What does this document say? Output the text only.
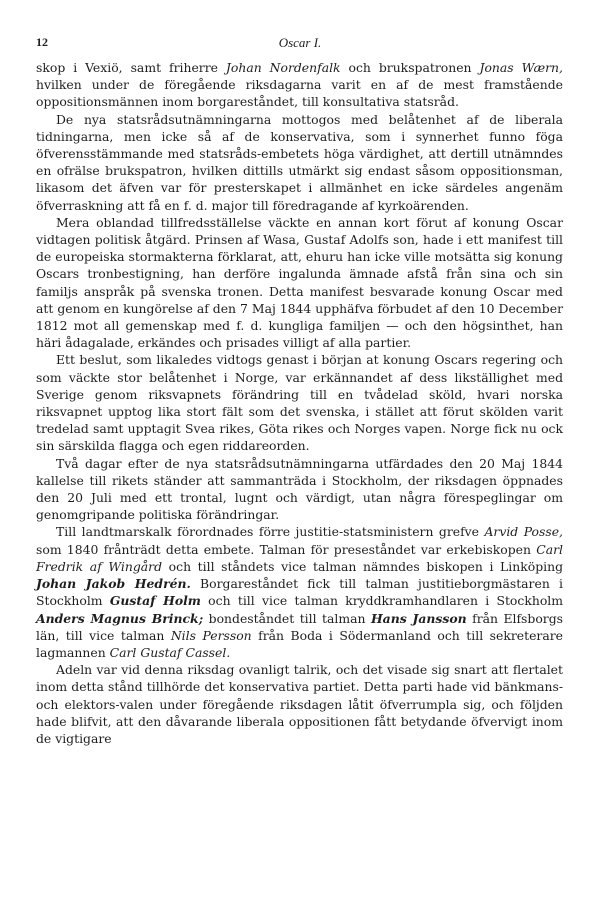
12	Oscar I.

skop i Vexiö, samt friherre Johan Nordenfalk och brukspatronen Jonas Wærn, hvilken under de föregående riksdagarna varit en af de mest framstående oppositionsmännen inom borgareståndet, till konsultativa statsråd.

De nya statsrådsutnämningarna mottogos med belåtenhet af de liberala tidningarna, men icke så af de konservativa, som i synnerhet funno föga öfverensstämmande med statsråds-embetets höga värdighet, att dertill utnämndes en ofrälse brukspatron, hvilken dittills utmärkt sig endast såsom oppositionsman, likasom det äfven var för presterskapet i allmänhet en icke särdeles angenäm öfverraskning att få en f. d. major till föredragande af kyrkoärenden.

Mera oblandad tillfredsställelse väckte en annan kort förut af konung Oscar vidtagen politisk åtgärd. Prinsen af Wasa, Gustaf Adolfs son, hade i ett manifest till de europeiska stormakterna förklarat, att, ehuru han icke ville motsätta sig konung Oscars tronbestigning, han derföre ingalunda ämnade afstå från sina och sin familjs anspråk på svenska tronen. Detta manifest besvarade konung Oscar med att genom en kungörelse af den 7 Maj 1844 upphäfva förbudet af den 10 December 1812 mot all gemenskap med f. d. kungliga familjen — och den högsinthet, han häri ådagalade, erkändes och prisades villigt af alla partier.

Ett beslut, som likaledes vidtogs genast i början at konung Oscars regering och som väckte stor belåtenhet i Norge, var erkännandet af dess likställighet med Sverige genom riksvapnets förändring till en tvådelad sköld, hvari norska riksvapnet upptog lika stort fält som det svenska, i stället att förut skölden varit tredelad samt upptagit Svea rikes, Göta rikes och Norges vapen. Norge fick nu ock sin särskilda flagga och egen riddareorden.

Två dagar efter de nya statsrådsutnämningarna utfärdades den 20 Maj 1844 kallelse till rikets ständer att sammanträda i Stockholm, der riksdagen öppnades den 20 Juli med ett trontal, lugnt och värdigt, utan några förespeglingar om genomgripande politiska förändringar.

Till landtmarskalk förordnades förre justitie-statsministern grefve Arvid Posse, som 1840 frånträdt detta embete. Talman för preseståndet var erkebiskopen Carl Fredrik af Wingård och till ståndets vice talman nämndes biskopen i Linköping Johan Jakob Hedrén. Borgareståndet fick till talman justitieborgmästaren i Stockholm Gustaf Holm och till vice talman kryddkramhandlaren i Stockholm Anders Magnus Brinck; bondeståndet till talman Hans Jansson från Elfsborgs län, till vice talman Nils Persson från Boda i Södermanland och till sekreterare lagmannen Carl Gustaf Cassel.

Adeln var vid denna riksdag ovanligt talrik, och det visade sig snart att flertalet inom detta stånd tillhörde det konservativa partiet. Detta parti hade vid bänkmans- och elektors-valen under föregående riksdagen låtit öfverrumpla sig, och följden hade blifvit, att den dåvarande liberala oppositionen fått betydande öfvervigt inom de vigtigare
